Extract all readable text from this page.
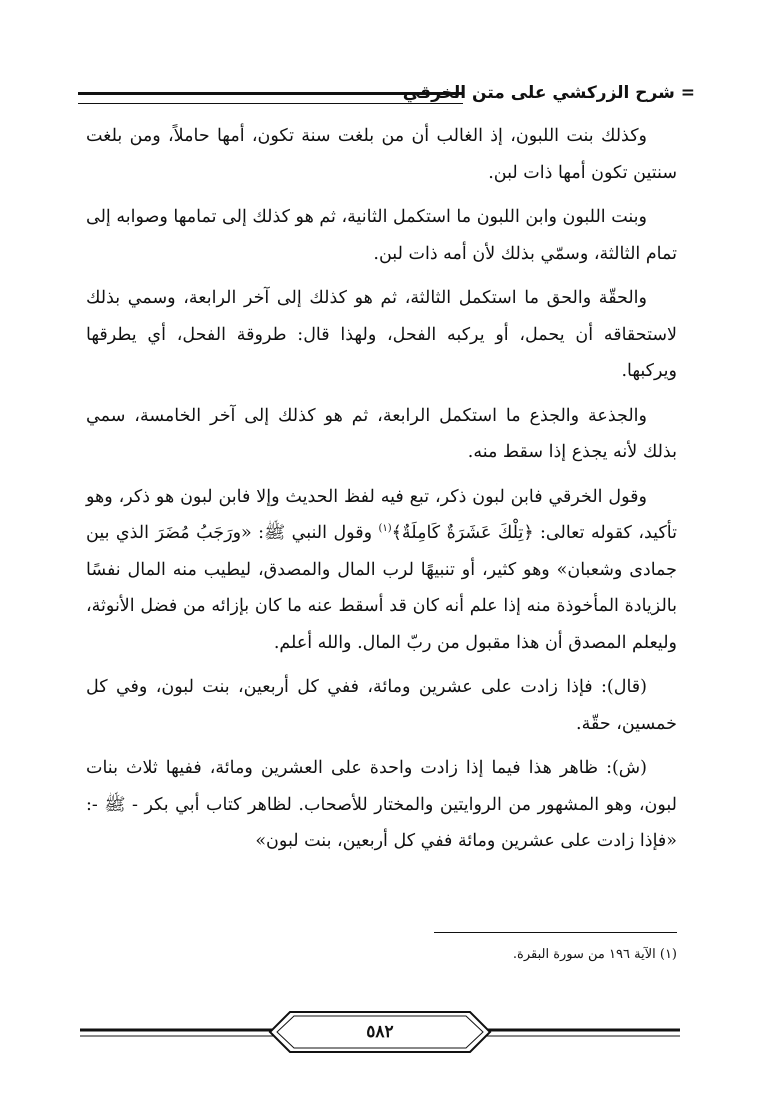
= شرح الزركشي على متن الخرقي

وكذلك بنت اللبون، إذ الغالب أن من بلغت سنة تكون، أمها حاملاً، ومن بلغت سنتين تكون أمها ذات لبن.

وبنت اللبون وابن اللبون ما استكمل الثانية، ثم هو كذلك إلى تمامها وصوابه إلى تمام الثالثة، وسمّي بذلك لأن أمه ذات لبن.

والحقّة والحق ما استكمل الثالثة، ثم هو كذلك إلى آخر الرابعة، وسمي بذلك لاستحقاقه أن يحمل، أو يركبه الفحل، ولهذا قال: طروقة الفحل، أي يطرقها ويركبها.

والجذعة والجذع ما استكمل الرابعة، ثم هو كذلك إلى آخر الخامسة، سمي بذلك لأنه يجذع إذا سقط منه.

وقول الخرقي فابن لبون ذكر، تبع فيه لفظ الحديث وإلا فابن لبون هو ذكر، وهو تأكيد، كقوله تعالى: ﴿تِلْكَ عَشَرَةٌ كَامِلَةٌ﴾$^{(١)}$ وقول النبي ﷺ: «ورَجَبُ مُضَرَ الذي بين جمادى وشعبان» وهو كثير، أو تنبيهًا لرب المال والمصدق، ليطيب منه المال نفسًا بالزيادة المأخوذة منه إذا علم أنه كان قد أسقط عنه ما كان بإزائه من فضل الأنوثة، وليعلم المصدق أن هذا مقبول من ربّ المال. والله أعلم.

(قال): فإذا زادت على عشرين ومائة، ففي كل أربعين، بنت لبون، وفي كل خمسين، حقّة.

(ش): ظاهر هذا فيما إذا زادت واحدة على العشرين ومائة، ففيها ثلاث بنات لبون، وهو المشهور من الروايتين والمختار للأصحاب. لظاهر كتاب أبي بكر - ﷺ -: «فإذا زادت على عشرين ومائة ففي كل أربعين، بنت لبون»

(١) الآية ١٩٦ من سورة البقرة.
٥٨٢
